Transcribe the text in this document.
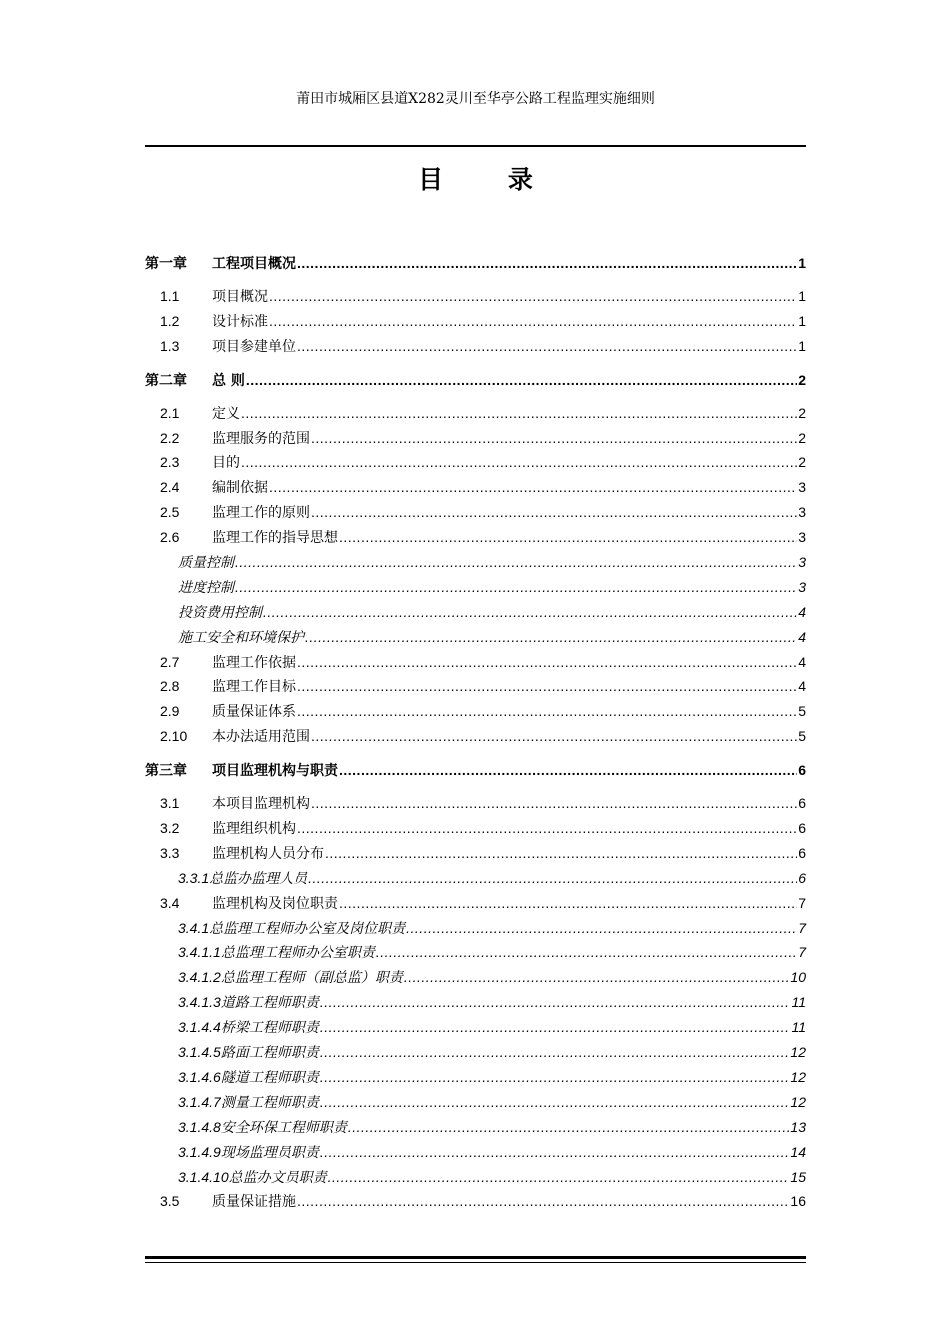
莆田市城厢区县道X282灵川至华亭公路工程监理实施细则
目 录
第一章	工程项目概况 .....	1
1.1	项目概况 .....	1
1.2	设计标准 .....	1
1.3	项目参建单位 .....	1
第二章	总 则 .....	2
2.1	定义 .....	2
2.2	监理服务的范围 .....	2
2.3	目的 .....	2
2.4	编制依据 .....	3
2.5	监理工作的原则 .....	3
2.6	监理工作的指导思想 .....	3
质量控制 .....	3
进度控制 .....	3
投资费用控制 .....	4
施工安全和环境保护 .....	4
2.7	监理工作依据 .....	4
2.8	监理工作目标 .....	4
2.9	质量保证体系 .....	5
2.10	本办法适用范围 .....	5
第三章	项目监理机构与职责 .....	6
3.1	本项目监理机构 .....	6
3.2	监理组织机构 .....	6
3.3	监理机构人员分布 .....	6
3.3.1 总监办监理人员 .....	6
3.4	监理机构及岗位职责 .....	7
3.4.1 总监理工程师办公室及岗位职责 .....	7
3.4.1.1 总监理工程师办公室职责 .....	7
3.4.1.2 总监理工程师（副总监）职责 .....	10
3.4.1.3 道路工程师职责 .....	11
3.1.4.4 桥梁工程师职责 .....	11
3.1.4.5 路面工程师职责 .....	12
3.1.4.6 隧道工程师职责 .....	12
3.1.4.7 测量工程师职责 .....	12
3.1.4.8 安全环保工程师职责 .....	13
3.1.4.9 现场监理员职责 .....	14
3.1.4.10 总监办文员职责 .....	15
3.5	质量保证措施 .....	16
